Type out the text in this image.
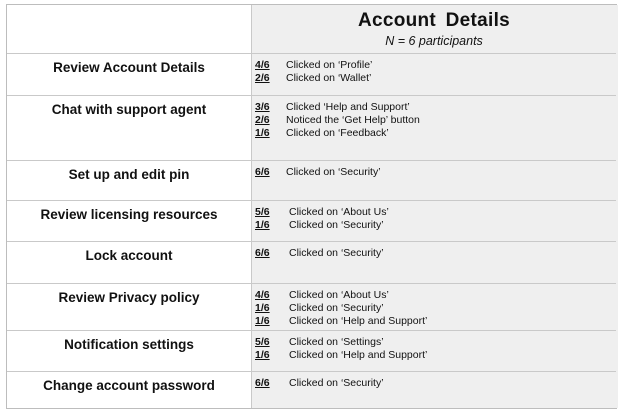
Account Details
N = 6 participants
Review Account Details	4/6	Clicked on ‘Profile’
2/6	Clicked on ‘Wallet’
Chat with support agent	3/6	Clicked ‘Help and Support’
2/6	Noticed the ‘Get Help’ button
1/6	Clicked on ‘Feedback’
Set up and edit pin	6/6	Clicked on ‘Security’
Review licensing resources	5/6	Clicked on ‘About Us’
1/6	Clicked on ‘Security’
Lock account	6/6	Clicked on ‘Security’
Review Privacy policy	4/6	Clicked on ‘About Us’
1/6	Clicked on ‘Security’
1/6	Clicked on ‘Help and Support’
Notification settings	5/6	Clicked on ‘Settings’
1/6	Clicked on ‘Help and Support’
Change account password	6/6	Clicked on ‘Security’
